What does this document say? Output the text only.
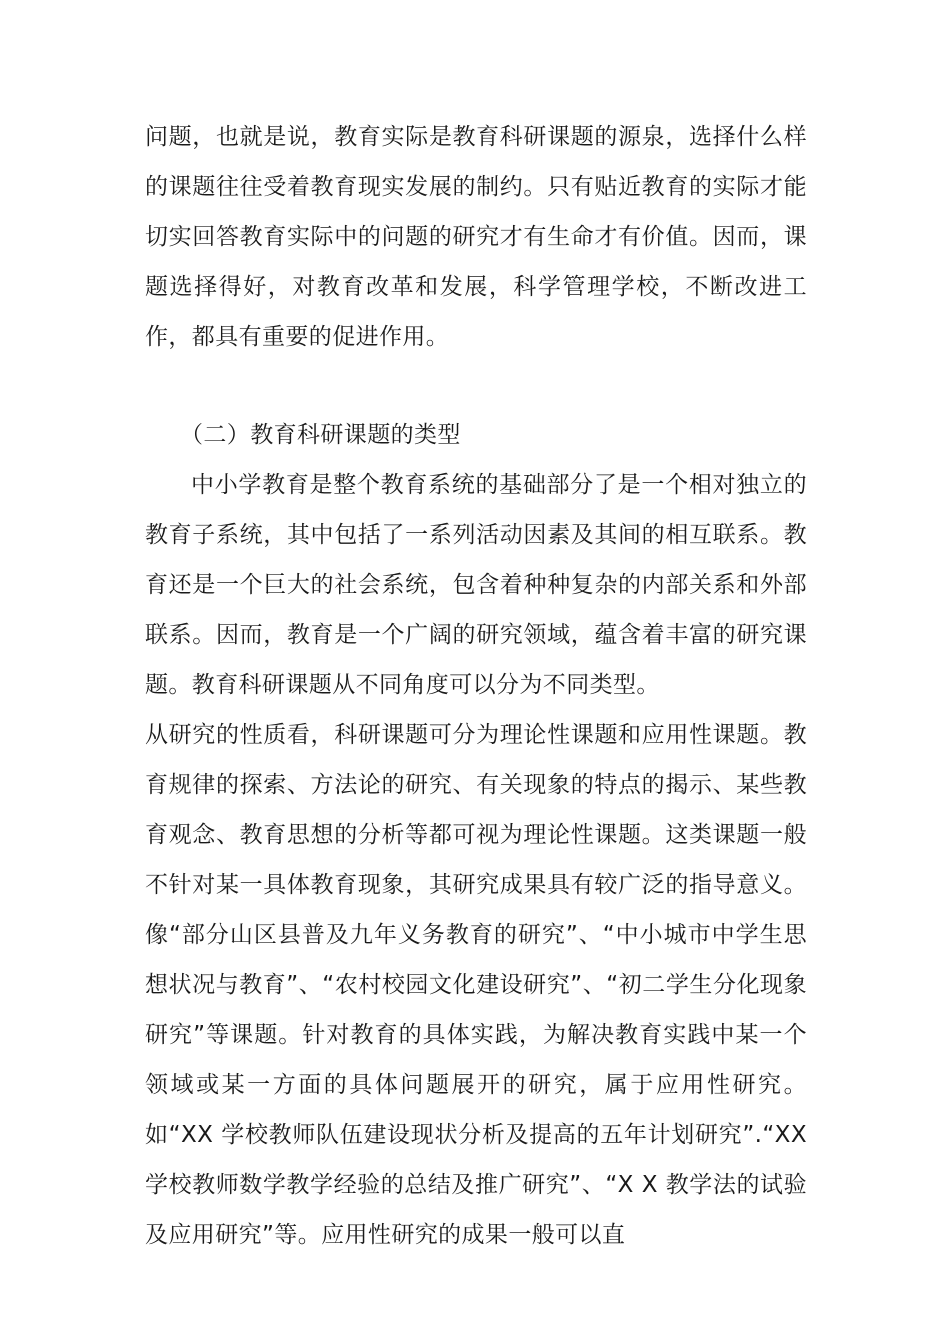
问题，也就是说，教育实际是教育科研课题的源泉，选择什么样的课题往往受着教育现实发展的制约。只有贴近教育的实际才能切实回答教育实际中的问题的研究才有生命才有价值。因而，课题选择得好，对教育改革和发展，科学管理学校，不断改进工作，都具有重要的促进作用。

（二）教育科研课题的类型

中小学教育是整个教育系统的基础部分了是一个相对独立的教育子系统，其中包括了一系列活动因素及其间的相互联系。教育还是一个巨大的社会系统，包含着种种复杂的内部关系和外部联系。因而，教育是一个广阔的研究领域，蕴含着丰富的研究课题。教育科研课题从不同角度可以分为不同类型。

从研究的性质看，科研课题可分为理论性课题和应用性课题。教育规律的探索、方法论的研究、有关现象的特点的揭示、某些教育观念、教育思想的分析等都可视为理论性课题。这类课题一般不针对某一具体教育现象，其研究成果具有较广泛的指导意义。像“部分山区县普及九年义务教育的研究”、“中小城市中学生思想状况与教育”、“农村校园文化建设研究”、“初二学生分化现象研究”等课题。针对教育的具体实践，为解决教育实践中某一个领域或某一方面的具体问题展开的研究，属于应用性研究。如“XX 学校教师队伍建设现状分析及提高的五年计划研究”.“XX学校教师数学教学经验的总结及推广研究”、“X X 教学法的试验及应用研究”等。应用性研究的成果一般可以直
